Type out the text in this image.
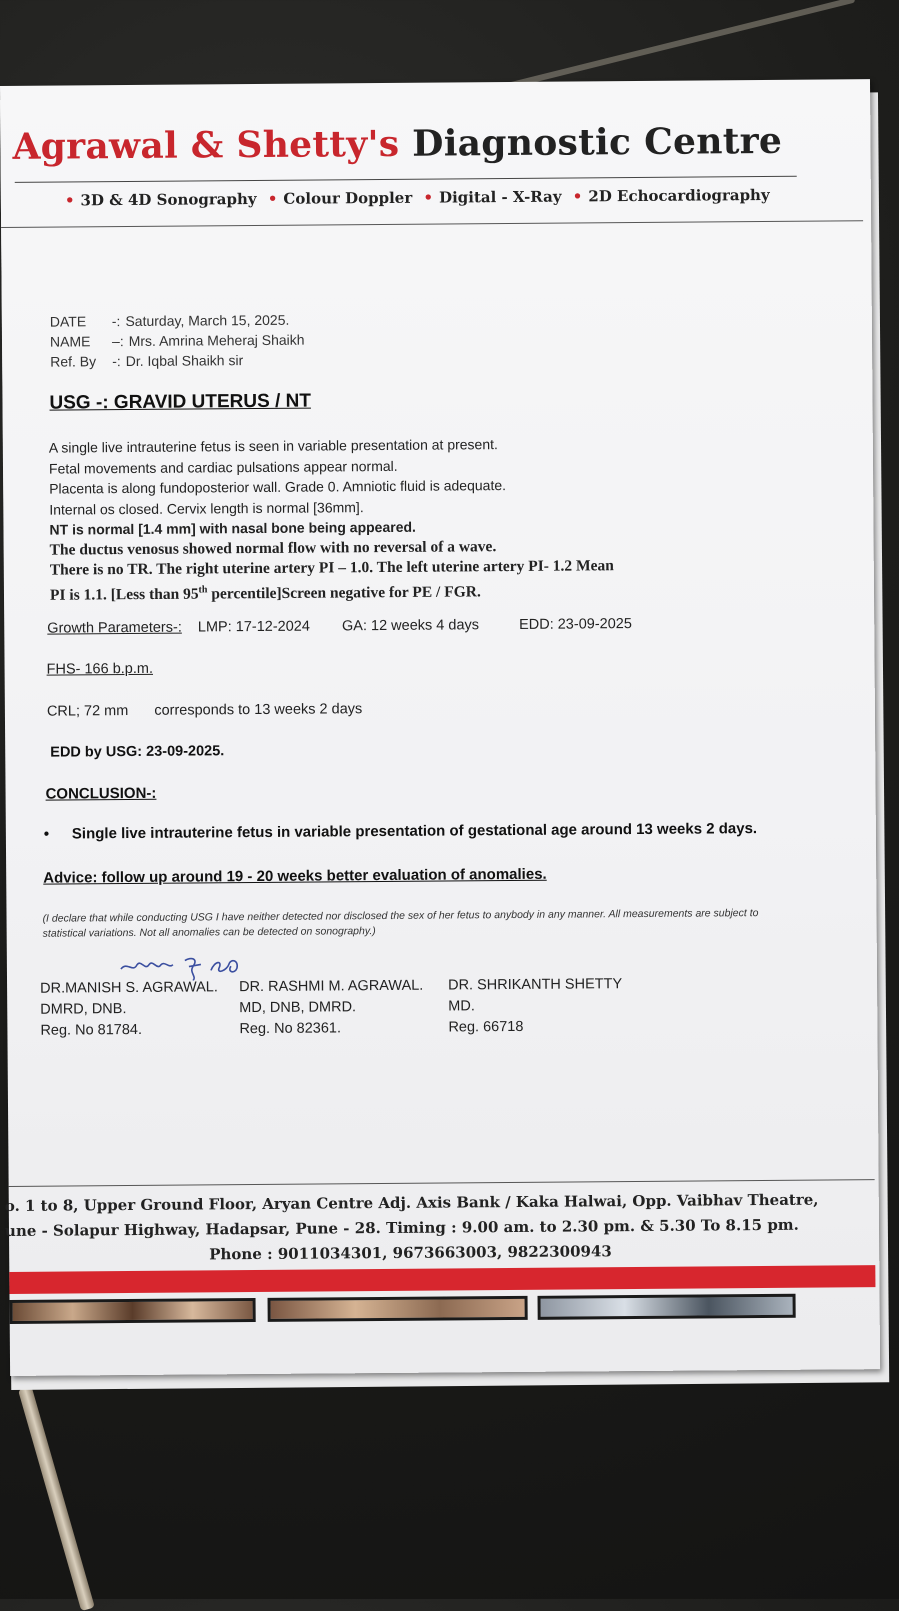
Agrawal & Shetty's Diagnostic Centre
• 3D & 4D Sonography • Colour Doppler • Digital - X-Ray • 2D Echocardiography
DATE -: Saturday, March 15, 2025.
NAME –: Mrs. Amrina Meheraj Shaikh
Ref. By -: Dr. Iqbal Shaikh sir
USG -: GRAVID UTERUS / NT
A single live intrauterine fetus is seen in variable presentation at present.
Fetal movements and cardiac pulsations appear normal.
Placenta is along fundoposterior wall. Grade 0. Amniotic fluid is adequate.
Internal os closed. Cervix length is normal [36mm].
NT is normal [1.4 mm] with nasal bone being appeared.
The ductus venosus showed normal flow with no reversal of a wave.
There is no TR. The right uterine artery PI – 1.0. The left uterine artery PI- 1.2 Mean
PI is 1.1. [Less than 95th percentile]Screen negative for PE / FGR.
Growth Parameters-: LMP: 17-12-2024 GA: 12 weeks 4 days	EDD: 23-09-2025
FHS- 166 b.p.m.
CRL; 72 mm corresponds to 13 weeks 2 days
EDD by USG: 23-09-2025.
CONCLUSION-:
• Single live intrauterine fetus in variable presentation of gestational age around 13 weeks 2 days.
Advice: follow up around 19 - 20 weeks better evaluation of anomalies.
(I declare that while conducting USG I have neither detected nor disclosed the sex of her fetus to anybody in any manner. All measurements are subject to statistical variations. Not all anomalies can be detected on sonography.)
DR.MANISH S. AGRAWAL.
DMRD, DNB.
Reg. No 81784.
DR. RASHMI M. AGRAWAL.
MD, DNB, DMRD.
Reg. No 82361.
DR. SHRIKANTH SHETTY
MD.
Reg. 66718
o. 1 to 8, Upper Ground Floor, Aryan Centre Adj. Axis Bank / Kaka Halwai, Opp. Vaibhav Theatre,
une - Solapur Highway, Hadapsar, Pune - 28. Timing : 9.00 am. to 2.30 pm. & 5.30 To 8.15 pm.
Phone : 9011034301, 9673663003, 9822300943
